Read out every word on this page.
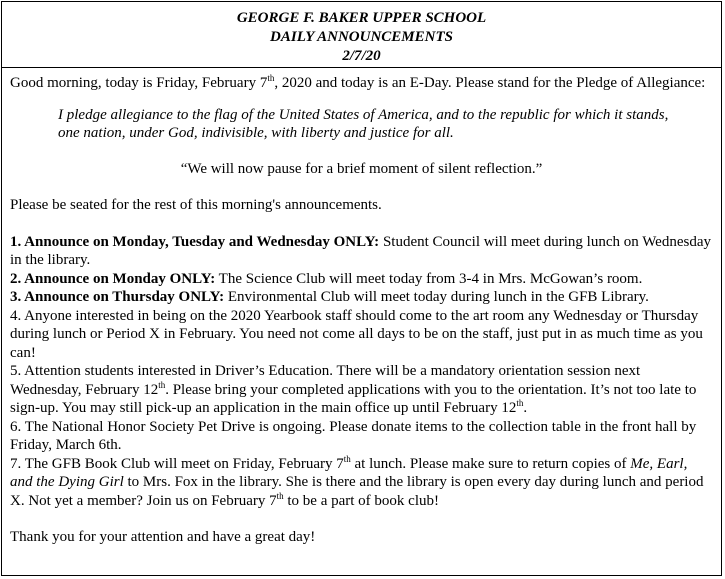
GEORGE F. BAKER UPPER SCHOOL
DAILY ANNOUNCEMENTS
2/7/20

Good morning, today is Friday, February 7th, 2020 and today is an E-Day. Please stand for the Pledge of Allegiance:

I pledge allegiance to the flag of the United States of America, and to the republic for which it stands, one nation, under God, indivisible, with liberty and justice for all.

“We will now pause for a brief moment of silent reflection.”

Please be seated for the rest of this morning's announcements.

1. Announce on Monday, Tuesday and Wednesday ONLY: Student Council will meet during lunch on Wednesday in the library.

2. Announce on Monday ONLY: The Science Club will meet today from 3-4 in Mrs. McGowan’s room.

3. Announce on Thursday ONLY: Environmental Club will meet today during lunch in the GFB Library.

4. Anyone interested in being on the 2020 Yearbook staff should come to the art room any Wednesday or Thursday during lunch or Period X in February. You need not come all days to be on the staff, just put in as much time as you can!

5. Attention students interested in Driver’s Education. There will be a mandatory orientation session next Wednesday, February 12th. Please bring your completed applications with you to the orientation. It’s not too late to sign-up. You may still pick-up an application in the main office up until February 12th.

6. The National Honor Society Pet Drive is ongoing. Please donate items to the collection table in the front hall by Friday, March 6th.

7. The GFB Book Club will meet on Friday, February 7th at lunch. Please make sure to return copies of Me, Earl, and the Dying Girl to Mrs. Fox in the library. She is there and the library is open every day during lunch and period X. Not yet a member? Join us on February 7th to be a part of book club!

Thank you for your attention and have a great day!
